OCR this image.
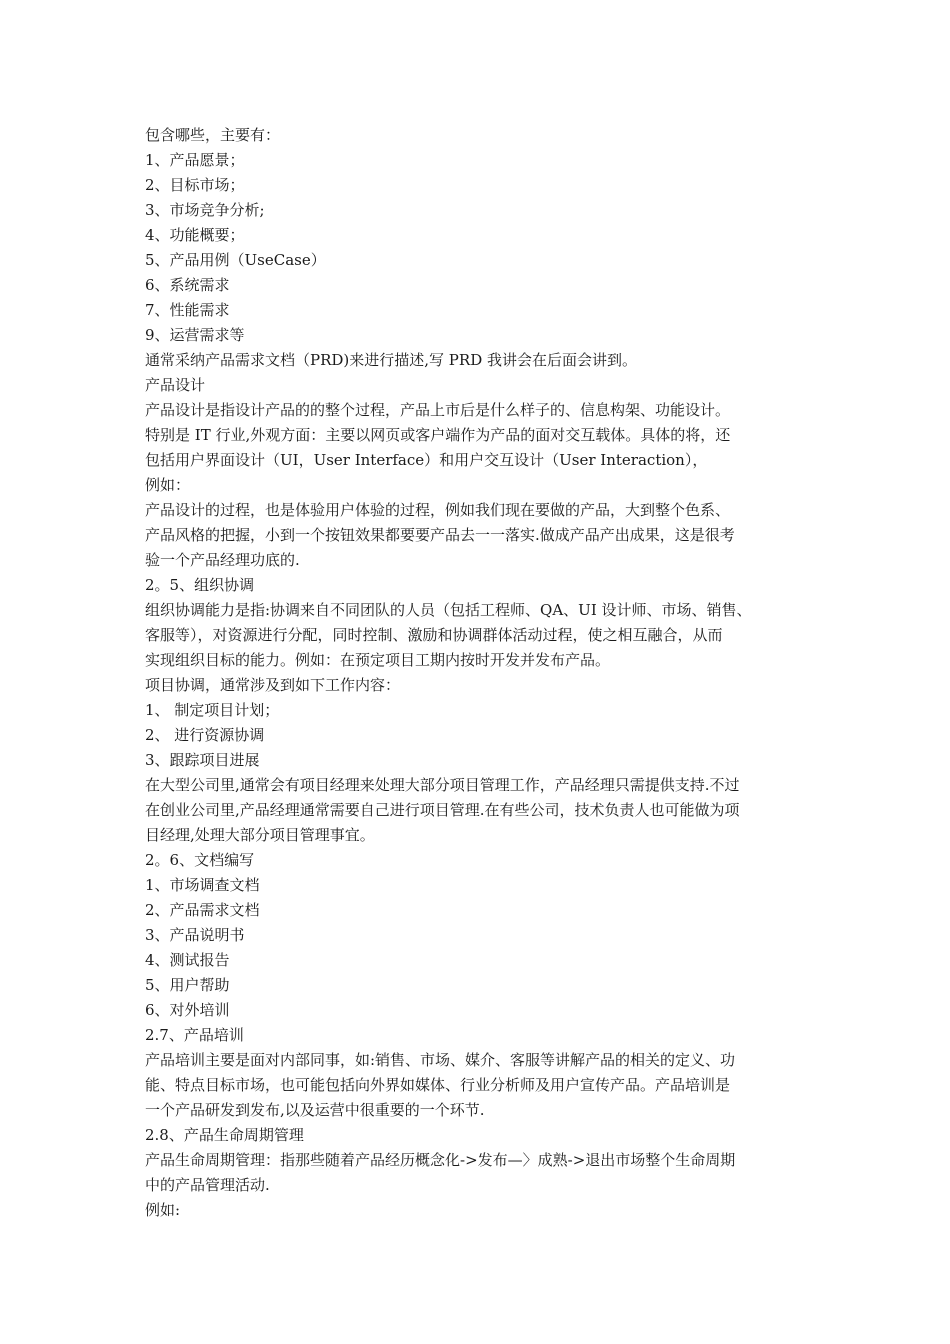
包含哪些，主要有：
1、产品愿景；
2、目标市场；
3、市场竞争分析;
4、功能概要；
5、产品用例（UseCase）
6、系统需求
7、性能需求
9、运营需求等
通常采纳产品需求文档（PRD)来进行描述,写 PRD 我讲会在后面会讲到。
产品设计
产品设计是指设计产品的的整个过程，产品上市后是什么样子的、信息构架、功能设计。
特别是 IT 行业,外观方面：主要以网页或客户端作为产品的面对交互载体。具体的将，还
包括用户界面设计（UI，User Interface）和用户交互设计（User Interaction），
例如：
产品设计的过程，也是体验用户体验的过程，例如我们现在要做的产品，大到整个色系、
产品风格的把握，小到一个按钮效果都要要产品去一一落实.做成产品产出成果，这是很考
验一个产品经理功底的.
2。5、组织协调
组织协调能力是指:协调来自不同团队的人员（包括工程师、QA、UI 设计师、市场、销售、
客服等），对资源进行分配，同时控制、激励和协调群体活动过程，使之相互融合，从而
实现组织目标的能力。例如：在预定项目工期内按时开发并发布产品。
项目协调，通常涉及到如下工作内容：
1、 制定项目计划；
2、 进行资源协调
3、跟踪项目进展
在大型公司里,通常会有项目经理来处理大部分项目管理工作，产品经理只需提供支持.不过
在创业公司里,产品经理通常需要自己进行项目管理.在有些公司，技术负责人也可能做为项
目经理,处理大部分项目管理事宜。
2。6、文档编写
1、市场调查文档
2、产品需求文档
3、产品说明书
4、测试报告
5、用户帮助
6、对外培训
2.7、产品培训
产品培训主要是面对内部同事，如:销售、市场、媒介、客服等讲解产品的相关的定义、功
能、特点目标市场，也可能包括向外界如媒体、行业分析师及用户宣传产品。产品培训是
一个产品研发到发布,以及运营中很重要的一个环节.
2.8、产品生命周期管理
产品生命周期管理：指那些随着产品经历概念化->发布—〉成熟->退出市场整个生命周期
中的产品管理活动.
例如:
